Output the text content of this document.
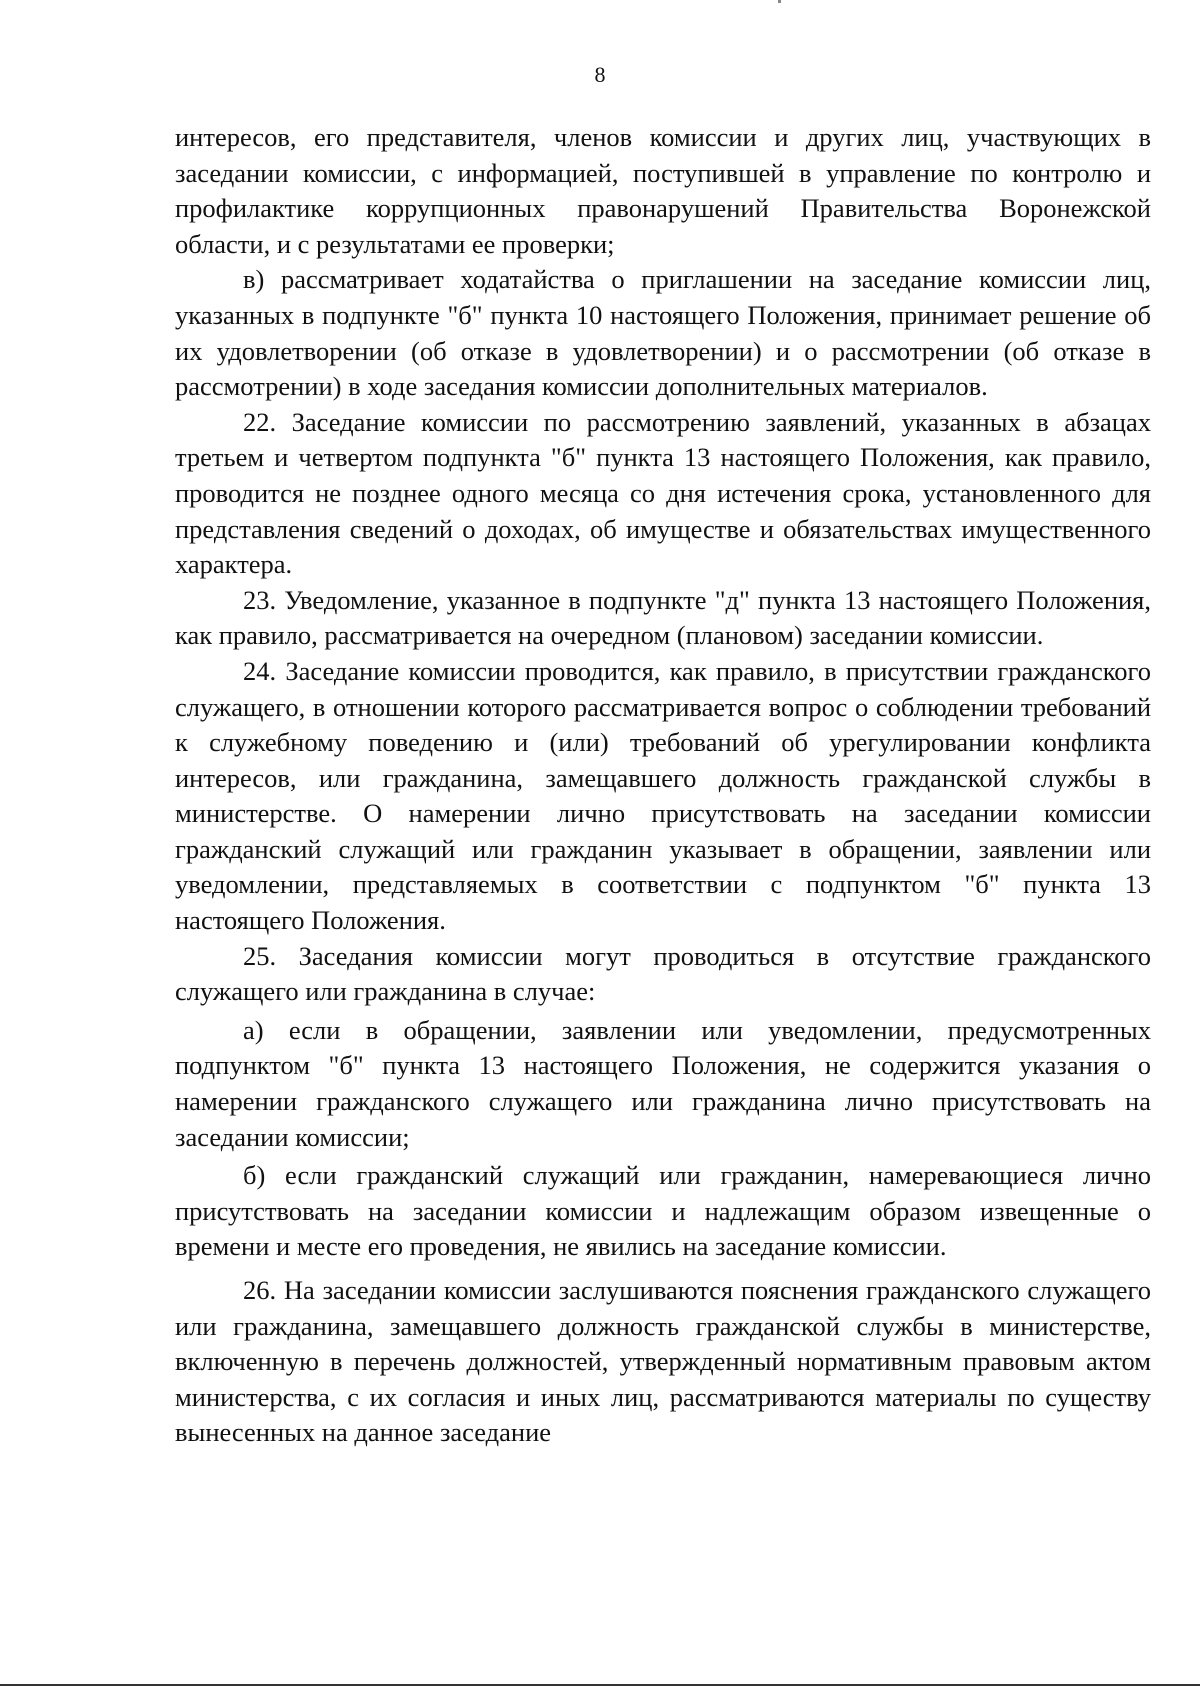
8

интересов, его представителя, членов комиссии и других лиц, участвующих в заседании комиссии, с информацией, поступившей в управление по контролю и профилактике коррупционных правонарушений Правительства Воронежской области, и с результатами ее проверки;

в) рассматривает ходатайства о приглашении на заседание комиссии лиц, указанных в подпункте "б" пункта 10 настоящего Положения, принимает решение об их удовлетворении (об отказе в удовлетворении) и о рассмотрении (об отказе в рассмотрении) в ходе заседания комиссии дополнительных материалов.

22. Заседание комиссии по рассмотрению заявлений, указанных в абзацах третьем и четвертом подпункта "б" пункта 13 настоящего Положения, как правило, проводится не позднее одного месяца со дня истечения срока, установленного для представления сведений о доходах, об имуществе и обязательствах имущественного характера.

23. Уведомление, указанное в подпункте "д" пункта 13 настоящего Положения, как правило, рассматривается на очередном (плановом) заседании комиссии.

24. Заседание комиссии проводится, как правило, в присутствии гражданского служащего, в отношении которого рассматривается вопрос о соблюдении требований к служебному поведению и (или) требований об урегулировании конфликта интересов, или гражданина, замещавшего должность гражданской службы в министерстве. О намерении лично присутствовать на заседании комиссии гражданский служащий или гражданин указывает в обращении, заявлении или уведомлении, представляемых в соответствии с подпунктом "б" пункта 13 настоящего Положения.

25. Заседания комиссии могут проводиться в отсутствие гражданского служащего или гражданина в случае:

а) если в обращении, заявлении или уведомлении, предусмотренных подпунктом "б" пункта 13 настоящего Положения, не содержится указания о намерении гражданского служащего или гражданина лично присутствовать на заседании комиссии;

б) если гражданский служащий или гражданин, намеревающиеся лично присутствовать на заседании комиссии и надлежащим образом извещенные о времени и месте его проведения, не явились на заседание комиссии.

26. На заседании комиссии заслушиваются пояснения гражданского служащего или гражданина, замещавшего должность гражданской службы в министерстве, включенную в перечень должностей, утвержденный нормативным правовым актом министерства, с их согласия и иных лиц, рассматриваются материалы по существу вынесенных на данное заседание
